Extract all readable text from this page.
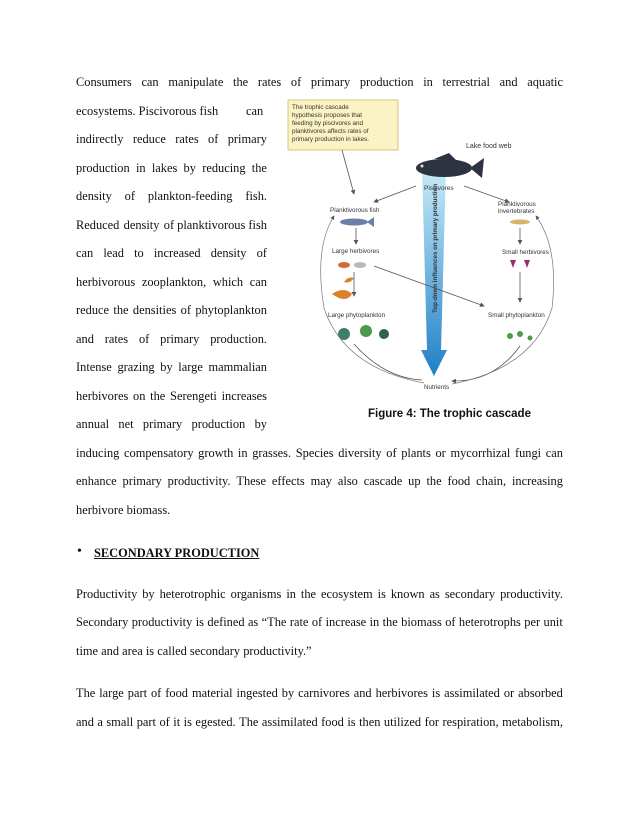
Consumers can manipulate the rates of primary production in terrestrial and aquatic
ecosystems. Piscivorous fish can
indirectly reduce rates of primary
production in lakes by reducing the
density of plankton-feeding fish.
Reduced density of planktivorous fish
can lead to increased density of
herbivorous zooplankton, which can
reduce the densities of phytoplankton
and rates of primary production.
Intense grazing by large mammalian
herbivores on the Serengeti increases
annual net primary production by
inducing compensatory growth in grasses. Species diversity of plants or mycorrhizal fungi can
enhance primary productivity. These effects may also cascade up the food chain, increasing
herbivore biomass.
• SECONDARY PRODUCTION
Productivity by heterotrophic organisms in the ecosystem is known as secondary productivity.
Secondary productivity is defined as “The rate of increase in the biomass of heterotrophs per unit
time and area is called secondary productivity.”
The large part of food material ingested by carnivores and herbivores is assimilated or absorbed
and a small part of it is egested. The assimilated food is then utilized for respiration, metabolism,
The trophic cascade hypothesis proposes that feeding by piscivores and planktivores affects rates of primary production in lakes.
Top-down influences on primary production
Lake food web
Piscivores
Planktivorous fish
Planktivorous invertebrates
Large herbivores	Small herbivores
Large phytoplankton	Small phytoplankton
Nutrients
Figure 4: The trophic cascade
